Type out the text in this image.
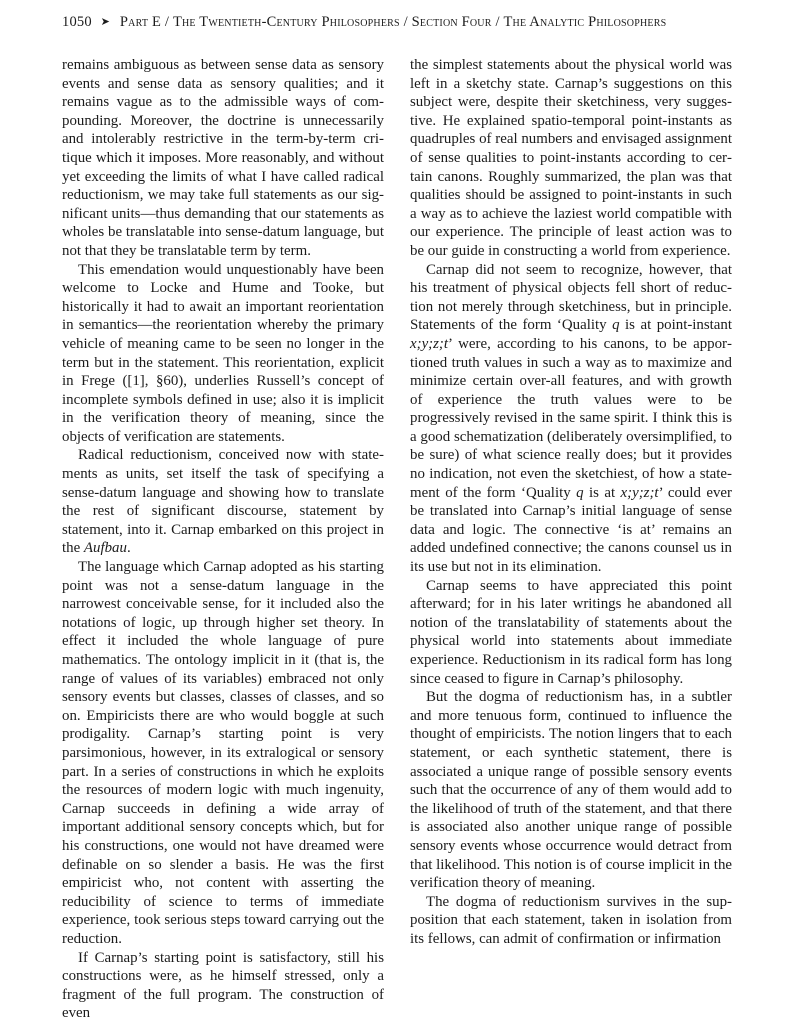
1050 ➤ Part E / The Twentieth-Century Philosophers / Section Four / The Analytic Philosophers

remains ambiguous as between sense data as sensory events and sense data as sensory qualities; and it remains vague as to the admissible ways of compounding. Moreover, the doctrine is unnecessarily and intolerably restrictive in the term-by-term critique which it imposes. More reasonably, and without yet exceeding the limits of what I have called radical reductionism, we may take full statements as our significant units—thus demanding that our statements as wholes be translatable into sense-datum language, but not that they be translatable term by term.

This emendation would unquestionably have been welcome to Locke and Hume and Tooke, but historically it had to await an important reorientation in semantics—the reorientation whereby the primary vehicle of meaning came to be seen no longer in the term but in the statement. This reorientation, explicit in Frege ([1], §60), underlies Russell’s concept of incomplete symbols defined in use; also it is implicit in the verification theory of meaning, since the objects of verification are statements.

Radical reductionism, conceived now with statements as units, set itself the task of specifying a sense-datum language and showing how to translate the rest of significant discourse, statement by statement, into it. Carnap embarked on this project in the Aufbau.

The language which Carnap adopted as his starting point was not a sense-datum language in the narrowest conceivable sense, for it included also the notations of logic, up through higher set theory. In effect it included the whole language of pure mathematics. The ontology implicit in it (that is, the range of values of its variables) embraced not only sensory events but classes, classes of classes, and so on. Empiricists there are who would boggle at such prodigality. Carnap’s starting point is very parsimonious, however, in its extralogical or sensory part. In a series of constructions in which he exploits the resources of modern logic with much ingenuity, Carnap succeeds in defining a wide array of important additional sensory concepts which, but for his constructions, one would not have dreamed were definable on so slender a basis. He was the first empiricist who, not content with asserting the reducibility of science to terms of immediate experience, took serious steps toward carrying out the reduction.

If Carnap’s starting point is satisfactory, still his constructions were, as he himself stressed, only a fragment of the full program. The construction of even

the simplest statements about the physical world was left in a sketchy state. Carnap’s suggestions on this subject were, despite their sketchiness, very suggestive. He explained spatio-temporal point-instants as quadruples of real numbers and envisaged assignment of sense qualities to point-instants according to certain canons. Roughly summarized, the plan was that qualities should be assigned to point-instants in such a way as to achieve the laziest world compatible with our experience. The principle of least action was to be our guide in constructing a world from experience.

Carnap did not seem to recognize, however, that his treatment of physical objects fell short of reduction not merely through sketchiness, but in principle. Statements of the form ‘Quality q is at point-instant x;y;z;t’ were, according to his canons, to be apportioned truth values in such a way as to maximize and minimize certain over-all features, and with growth of experience the truth values were to be progressively revised in the same spirit. I think this is a good schematization (deliberately oversimplified, to be sure) of what science really does; but it provides no indication, not even the sketchiest, of how a statement of the form ‘Quality q is at x;y;z;t’ could ever be translated into Carnap’s initial language of sense data and logic. The connective ‘is at’ remains an added undefined connective; the canons counsel us in its use but not in its elimination.

Carnap seems to have appreciated this point afterward; for in his later writings he abandoned all notion of the translatability of statements about the physical world into statements about immediate experience. Reductionism in its radical form has long since ceased to figure in Carnap’s philosophy.

But the dogma of reductionism has, in a subtler and more tenuous form, continued to influence the thought of empiricists. The notion lingers that to each statement, or each synthetic statement, there is associated a unique range of possible sensory events such that the occurrence of any of them would add to the likelihood of truth of the statement, and that there is associated also another unique range of possible sensory events whose occurrence would detract from that likelihood. This notion is of course implicit in the verification theory of meaning.

The dogma of reductionism survives in the supposition that each statement, taken in isolation from its fellows, can admit of confirmation or infirmation
